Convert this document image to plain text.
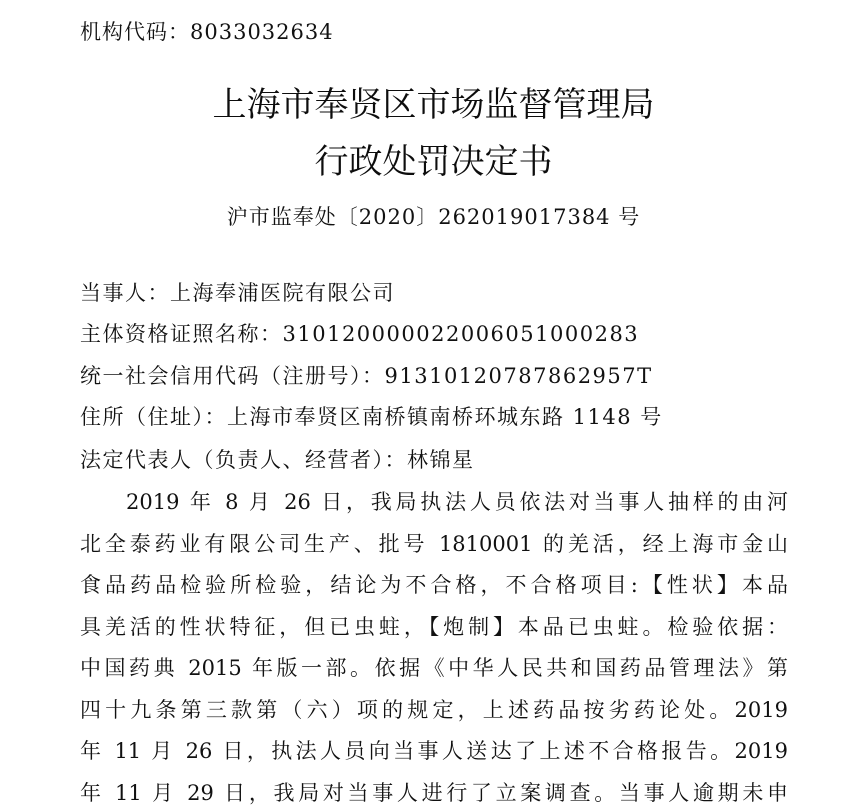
机构代码：8033032634
上海市奉贤区市场监督管理局
行政处罚决定书
沪市监奉处〔2020〕262019017384 号
当事人：上海奉浦医院有限公司
主体资格证照名称：310120000022006051000283
统一社会信用代码（注册号）：91310120787862957T
住所（住址）：上海市奉贤区南桥镇南桥环城东路 1148 号
法定代表人（负责人、经营者）：林锦星
2019 年 8 月 26 日，我局执法人员依法对当事人抽样的由河
北全泰药业有限公司生产、批号 1810001 的羌活，经上海市金山
食品药品检验所检验，结论为不合格，不合格项目:【性状】本品
具羌活的性状特征，但已虫蛀，【炮制】本品已虫蛀。检验依据：
中国药典 2015 年版一部。依据《中华人民共和国药品管理法》第
四十九条第三款第（六）项的规定，上述药品按劣药论处。2019
年 11 月 26 日，执法人员向当事人送达了上述不合格报告。2019
年 11 月 29 日，我局对当事人进行了立案调查。当事人逾期未申
